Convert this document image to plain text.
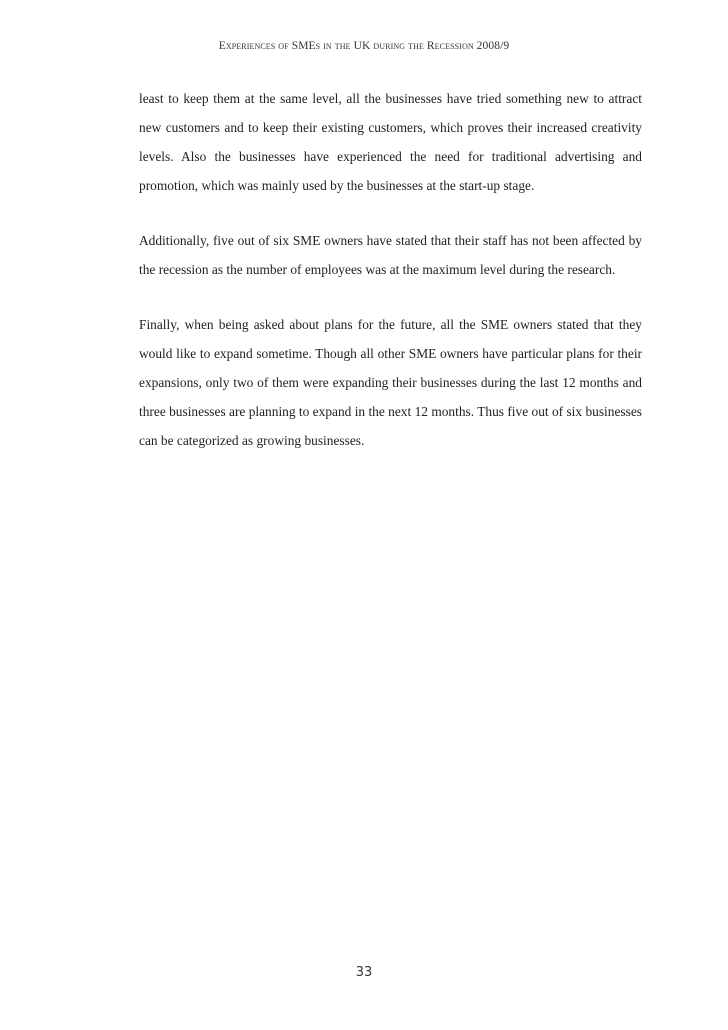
Experiences of SMEs in the UK during the Recession 2008/9

least to keep them at the same level, all the businesses have tried something new to attract new customers and to keep their existing customers, which proves their increased creativity levels. Also the businesses have experienced the need for traditional advertising and promotion, which was mainly used by the businesses at the start-up stage.

Additionally, five out of six SME owners have stated that their staff has not been affected by the recession as the number of employees was at the maximum level during the research.

Finally, when being asked about plans for the future, all the SME owners stated that they would like to expand sometime. Though all other SME owners have particular plans for their expansions, only two of them were expanding their businesses during the last 12 months and three businesses are planning to expand in the next 12 months. Thus five out of six businesses can be categorized as growing businesses.

33
